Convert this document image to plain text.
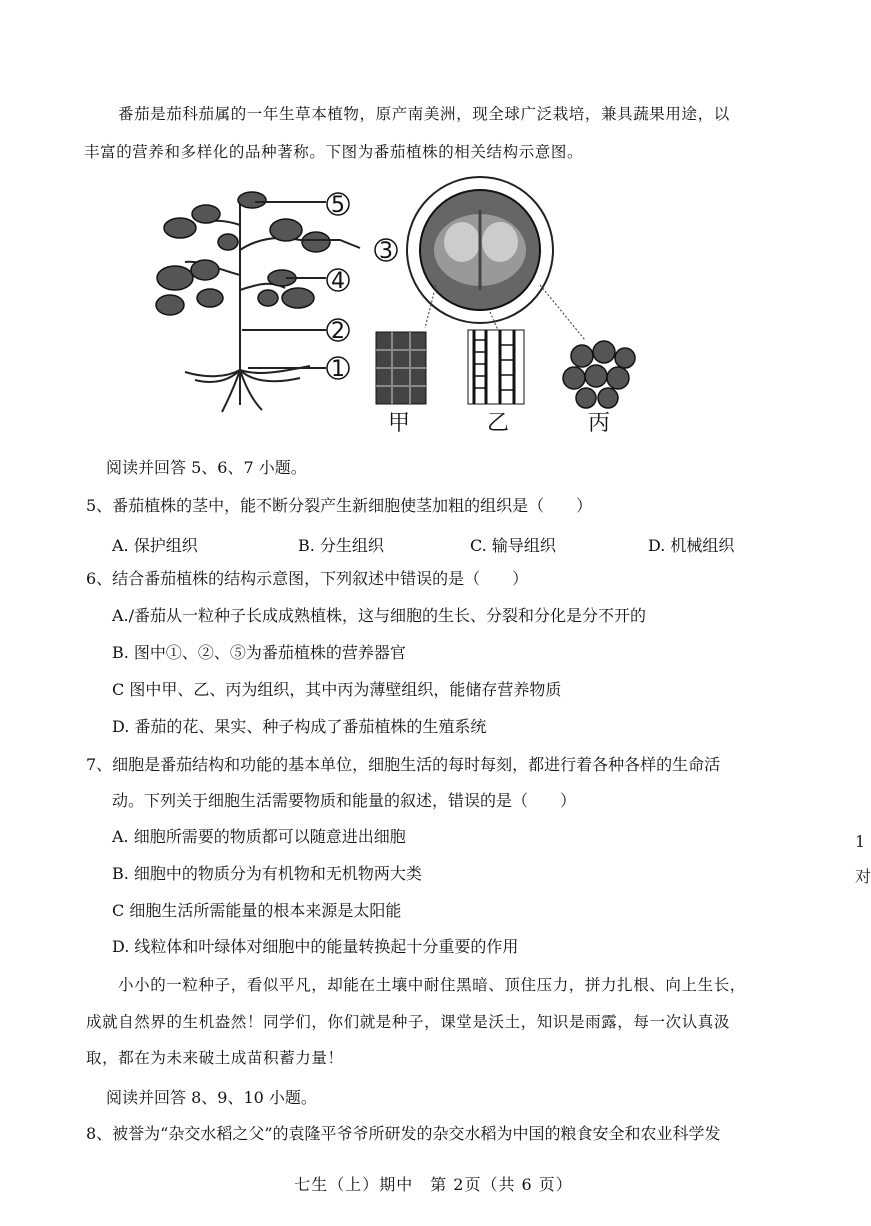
番茄是茄科茄属的一年生草本植物，原产南美洲，现全球广泛栽培，兼具蔬果用途，以
丰富的营养和多样化的品种著称。下图为番茄植株的相关结构示意图。
5
3
4
2
1
甲	乙	丙
阅读并回答 5、6、7 小题。
5、番茄植株的茎中，能不断分裂产生新细胞使茎加粗的组织是（　　）
A. 保护组织	B. 分生组织	C. 输导组织	D. 机械组织
6、结合番茄植株的结构示意图，下列叙述中错误的是（　　）
A./番茄从一粒种子长成成熟植株，这与细胞的生长、分裂和分化是分不开的
B. 图中①、②、⑤为番茄植株的营养器官
C 图中甲、乙、丙为组织，其中丙为薄壁组织，能储存营养物质
D. 番茄的花、果实、种子构成了番茄植株的生殖系统
7、细胞是番茄结构和功能的基本单位，细胞生活的每时每刻，都进行着各种各样的生命活
动。下列关于细胞生活需要物质和能量的叙述，错误的是（　　）
A. 细胞所需要的物质都可以随意进出细胞
B. 细胞中的物质分为有机物和无机物两大类
C 细胞生活所需能量的根本来源是太阳能
D. 线粒体和叶绿体对细胞中的能量转换起十分重要的作用
小小的一粒种子，看似平凡，却能在土壤中耐住黑暗、顶住压力，拼力扎根、向上生长，
成就自然界的生机盎然！同学们，你们就是种子，课堂是沃土，知识是雨露，每一次认真汲
取，都在为未来破土成苗积蓄力量！
阅读并回答 8、9、10 小题。
8、被誉为“杂交水稻之父”的袁隆平爷爷所研发的杂交水稻为中国的粮食安全和农业科学发
1
对
七生（上）期中　第 2页（共 6 页）
